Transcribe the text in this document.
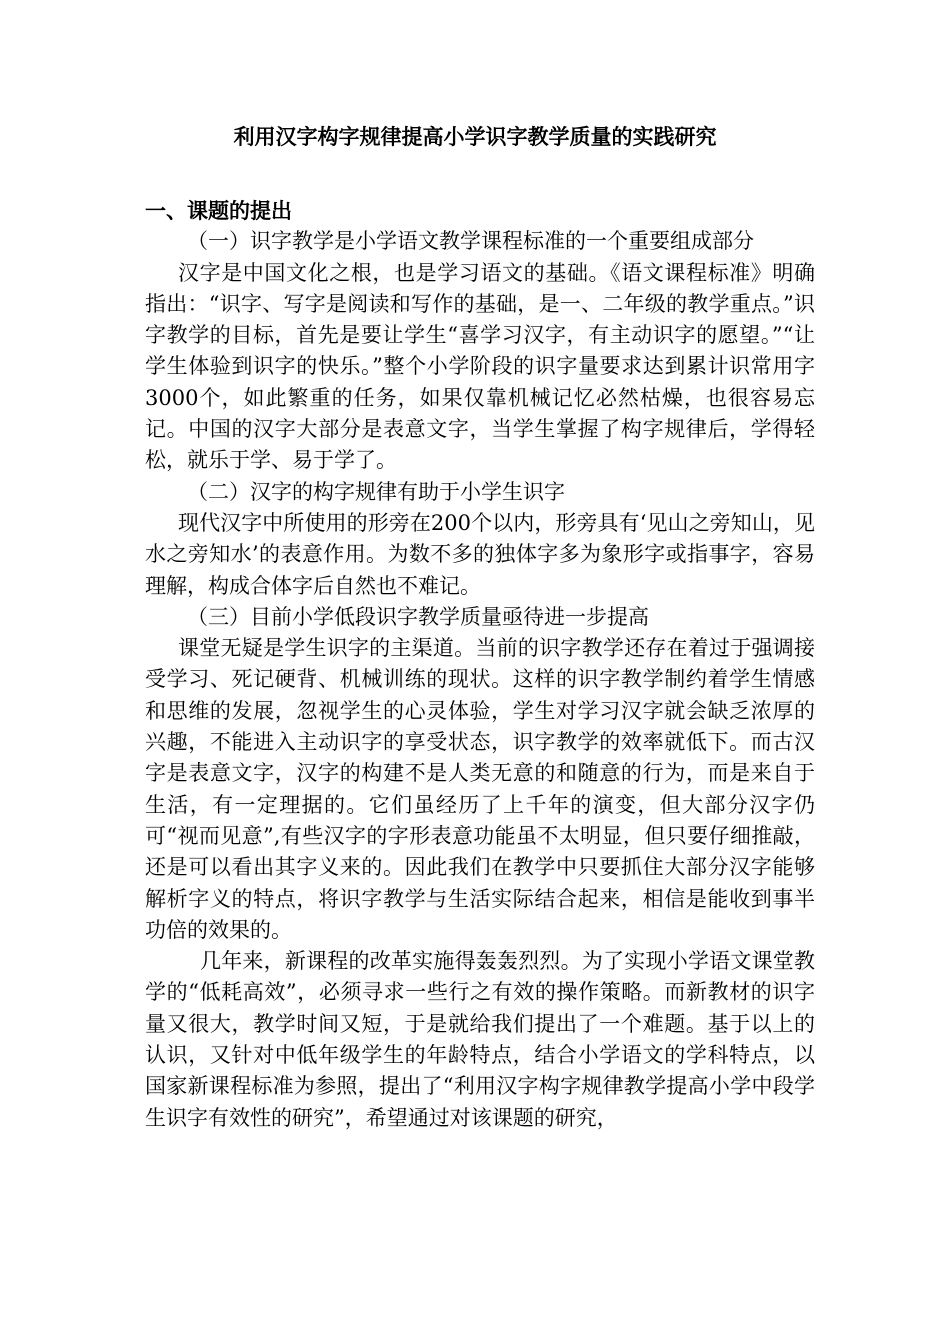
利用汉字构字规律提高小学识字教学质量的实践研究

一、课题的提出

（一）识字教学是小学语文教学课程标准的一个重要组成部分

汉字是中国文化之根，也是学习语文的基础。《语文课程标准》明确指出：“识字、写字是阅读和写作的基础，是一、二年级的教学重点。”识字教学的目标，首先是要让学生“喜学习汉字，有主动识字的愿望。”“让学生体验到识字的快乐。”整个小学阶段的识字量要求达到累计识常用字3000个，如此繁重的任务，如果仅靠机械记忆必然枯燥，也很容易忘记。中国的汉字大部分是表意文字，当学生掌握了构字规律后，学得轻松，就乐于学、易于学了。

（二）汉字的构字规律有助于小学生识字

现代汉字中所使用的形旁在200个以内，形旁具有‘见山之旁知山，见水之旁知水’的表意作用。为数不多的独体字多为象形字或指事字，容易理解，构成合体字后自然也不难记。

（三）目前小学低段识字教学质量亟待进一步提高

课堂无疑是学生识字的主渠道。当前的识字教学还存在着过于强调接受学习、死记硬背、机械训练的现状。这样的识字教学制约着学生情感和思维的发展，忽视学生的心灵体验，学生对学习汉字就会缺乏浓厚的兴趣，不能进入主动识字的享受状态，识字教学的效率就低下。而古汉字是表意文字，汉字的构建不是人类无意的和随意的行为，而是来自于生活，有一定理据的。它们虽经历了上千年的演变，但大部分汉字仍可“视而见意”,有些汉字的字形表意功能虽不太明显，但只要仔细推敲，还是可以看出其字义来的。因此我们在教学中只要抓住大部分汉字能够解析字义的特点，将识字教学与生活实际结合起来，相信是能收到事半功倍的效果的。

几年来，新课程的改革实施得轰轰烈烈。为了实现小学语文课堂教学的“低耗高效”，必须寻求一些行之有效的操作策略。而新教材的识字量又很大，教学时间又短，于是就给我们提出了一个难题。基于以上的认识，又针对中低年级学生的年龄特点，结合小学语文的学科特点，以国家新课程标准为参照，提出了“利用汉字构字规律教学提高小学中段学生识字有效性的研究”，希望通过对该课题的研究，
